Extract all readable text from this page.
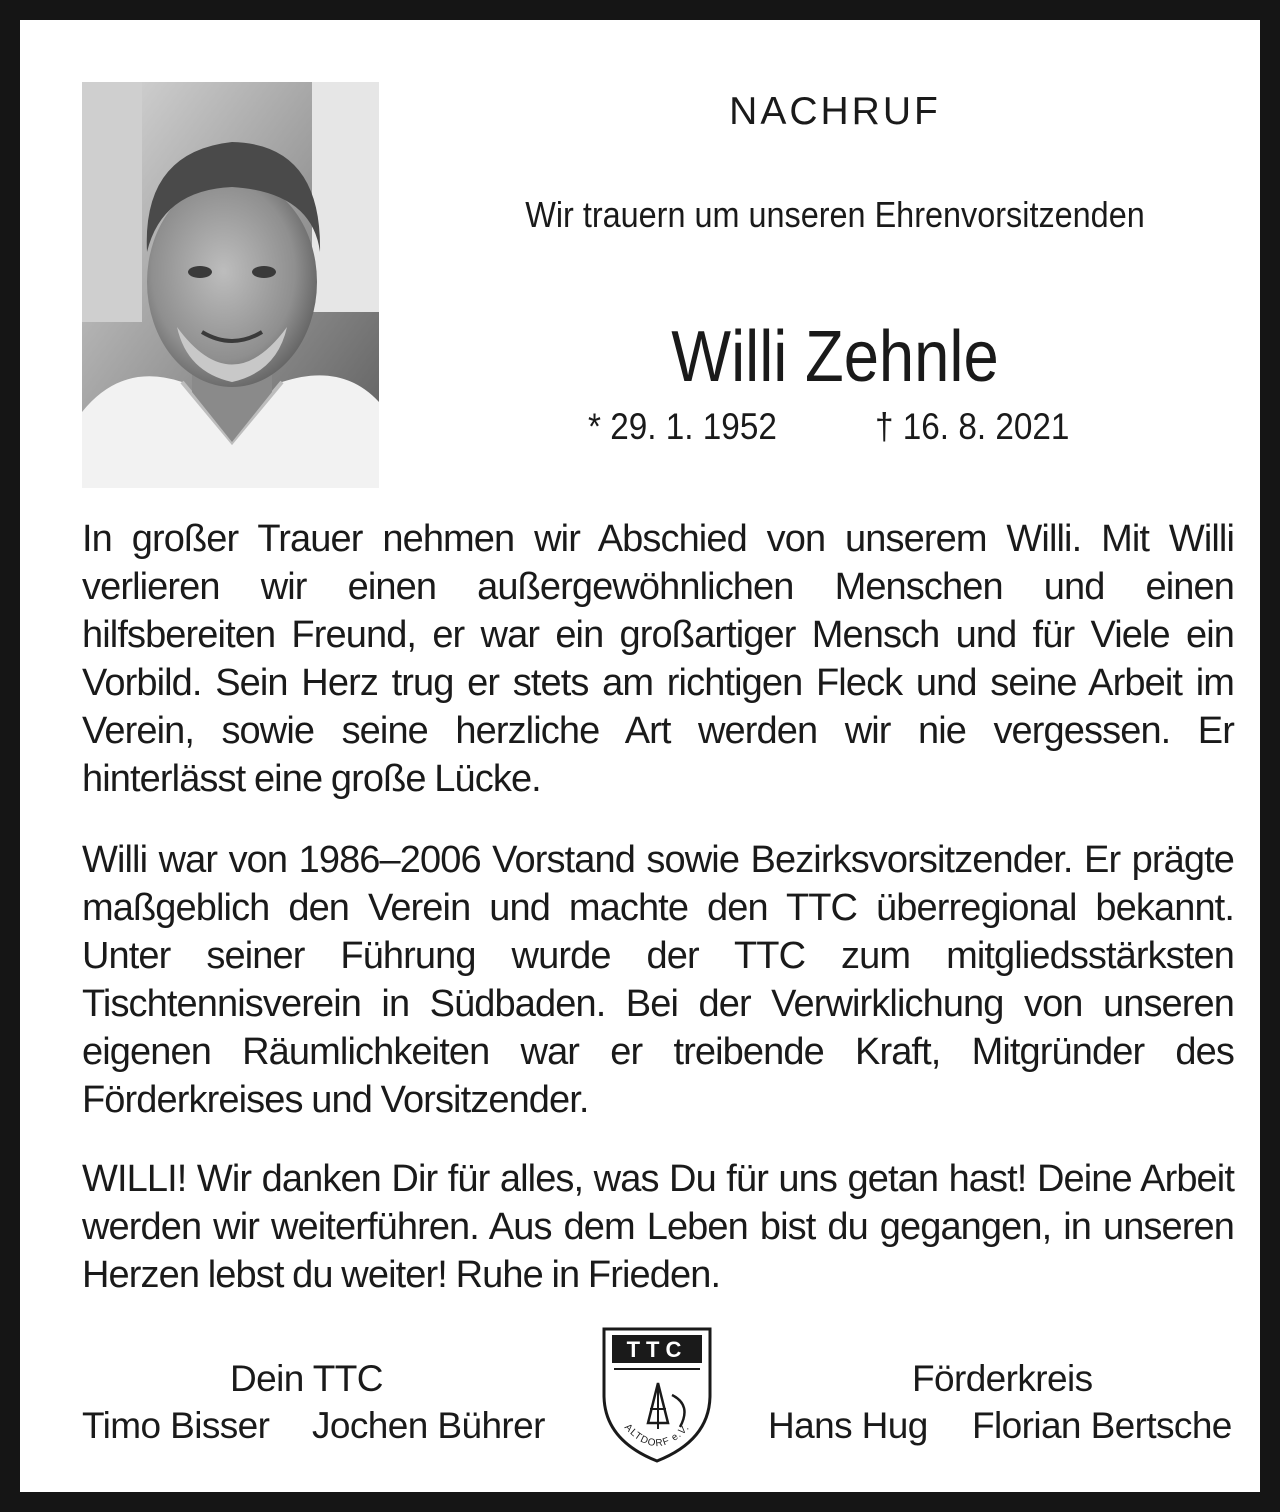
NACHRUF
Wir trauern um unseren Ehrenvorsitzenden
Willi Zehnle
* 29. 1. 1952	† 16. 8. 2021

In großer Trauer nehmen wir Abschied von unserem Willi. Mit Willi verlieren wir einen außergewöhnlichen Menschen und einen hilfsbereiten Freund, er war ein großartiger Mensch und für Viele ein Vorbild. Sein Herz trug er stets am richtigen Fleck und seine Arbeit im Verein, sowie seine herzliche Art werden wir nie vergessen. Er hinterlässt eine große Lücke.

Willi war von 1986–2006 Vorstand sowie Bezirksvorsitzender. Er prägte maßgeblich den Verein und machte den TTC überregional bekannt. Unter seiner Führung wurde der TTC zum mitgliedsstärksten Tischtennisverein in Südbaden. Bei der Verwirklichung von unseren eigenen Räumlichkeiten war er treibende Kraft, Mitgründer des Förderkreises und Vorsitzender.

WILLI! Wir danken Dir für alles, was Du für uns getan hast! Deine Arbeit werden wir weiterführen. Aus dem Leben bist du gegangen, in unseren Herzen lebst du weiter! Ruhe in Frieden.

Dein TTC
Timo Bisser Jochen Bührer
TTC
ALTDORF e.V.
Förderkreis
Hans Hug Florian Bertsche
